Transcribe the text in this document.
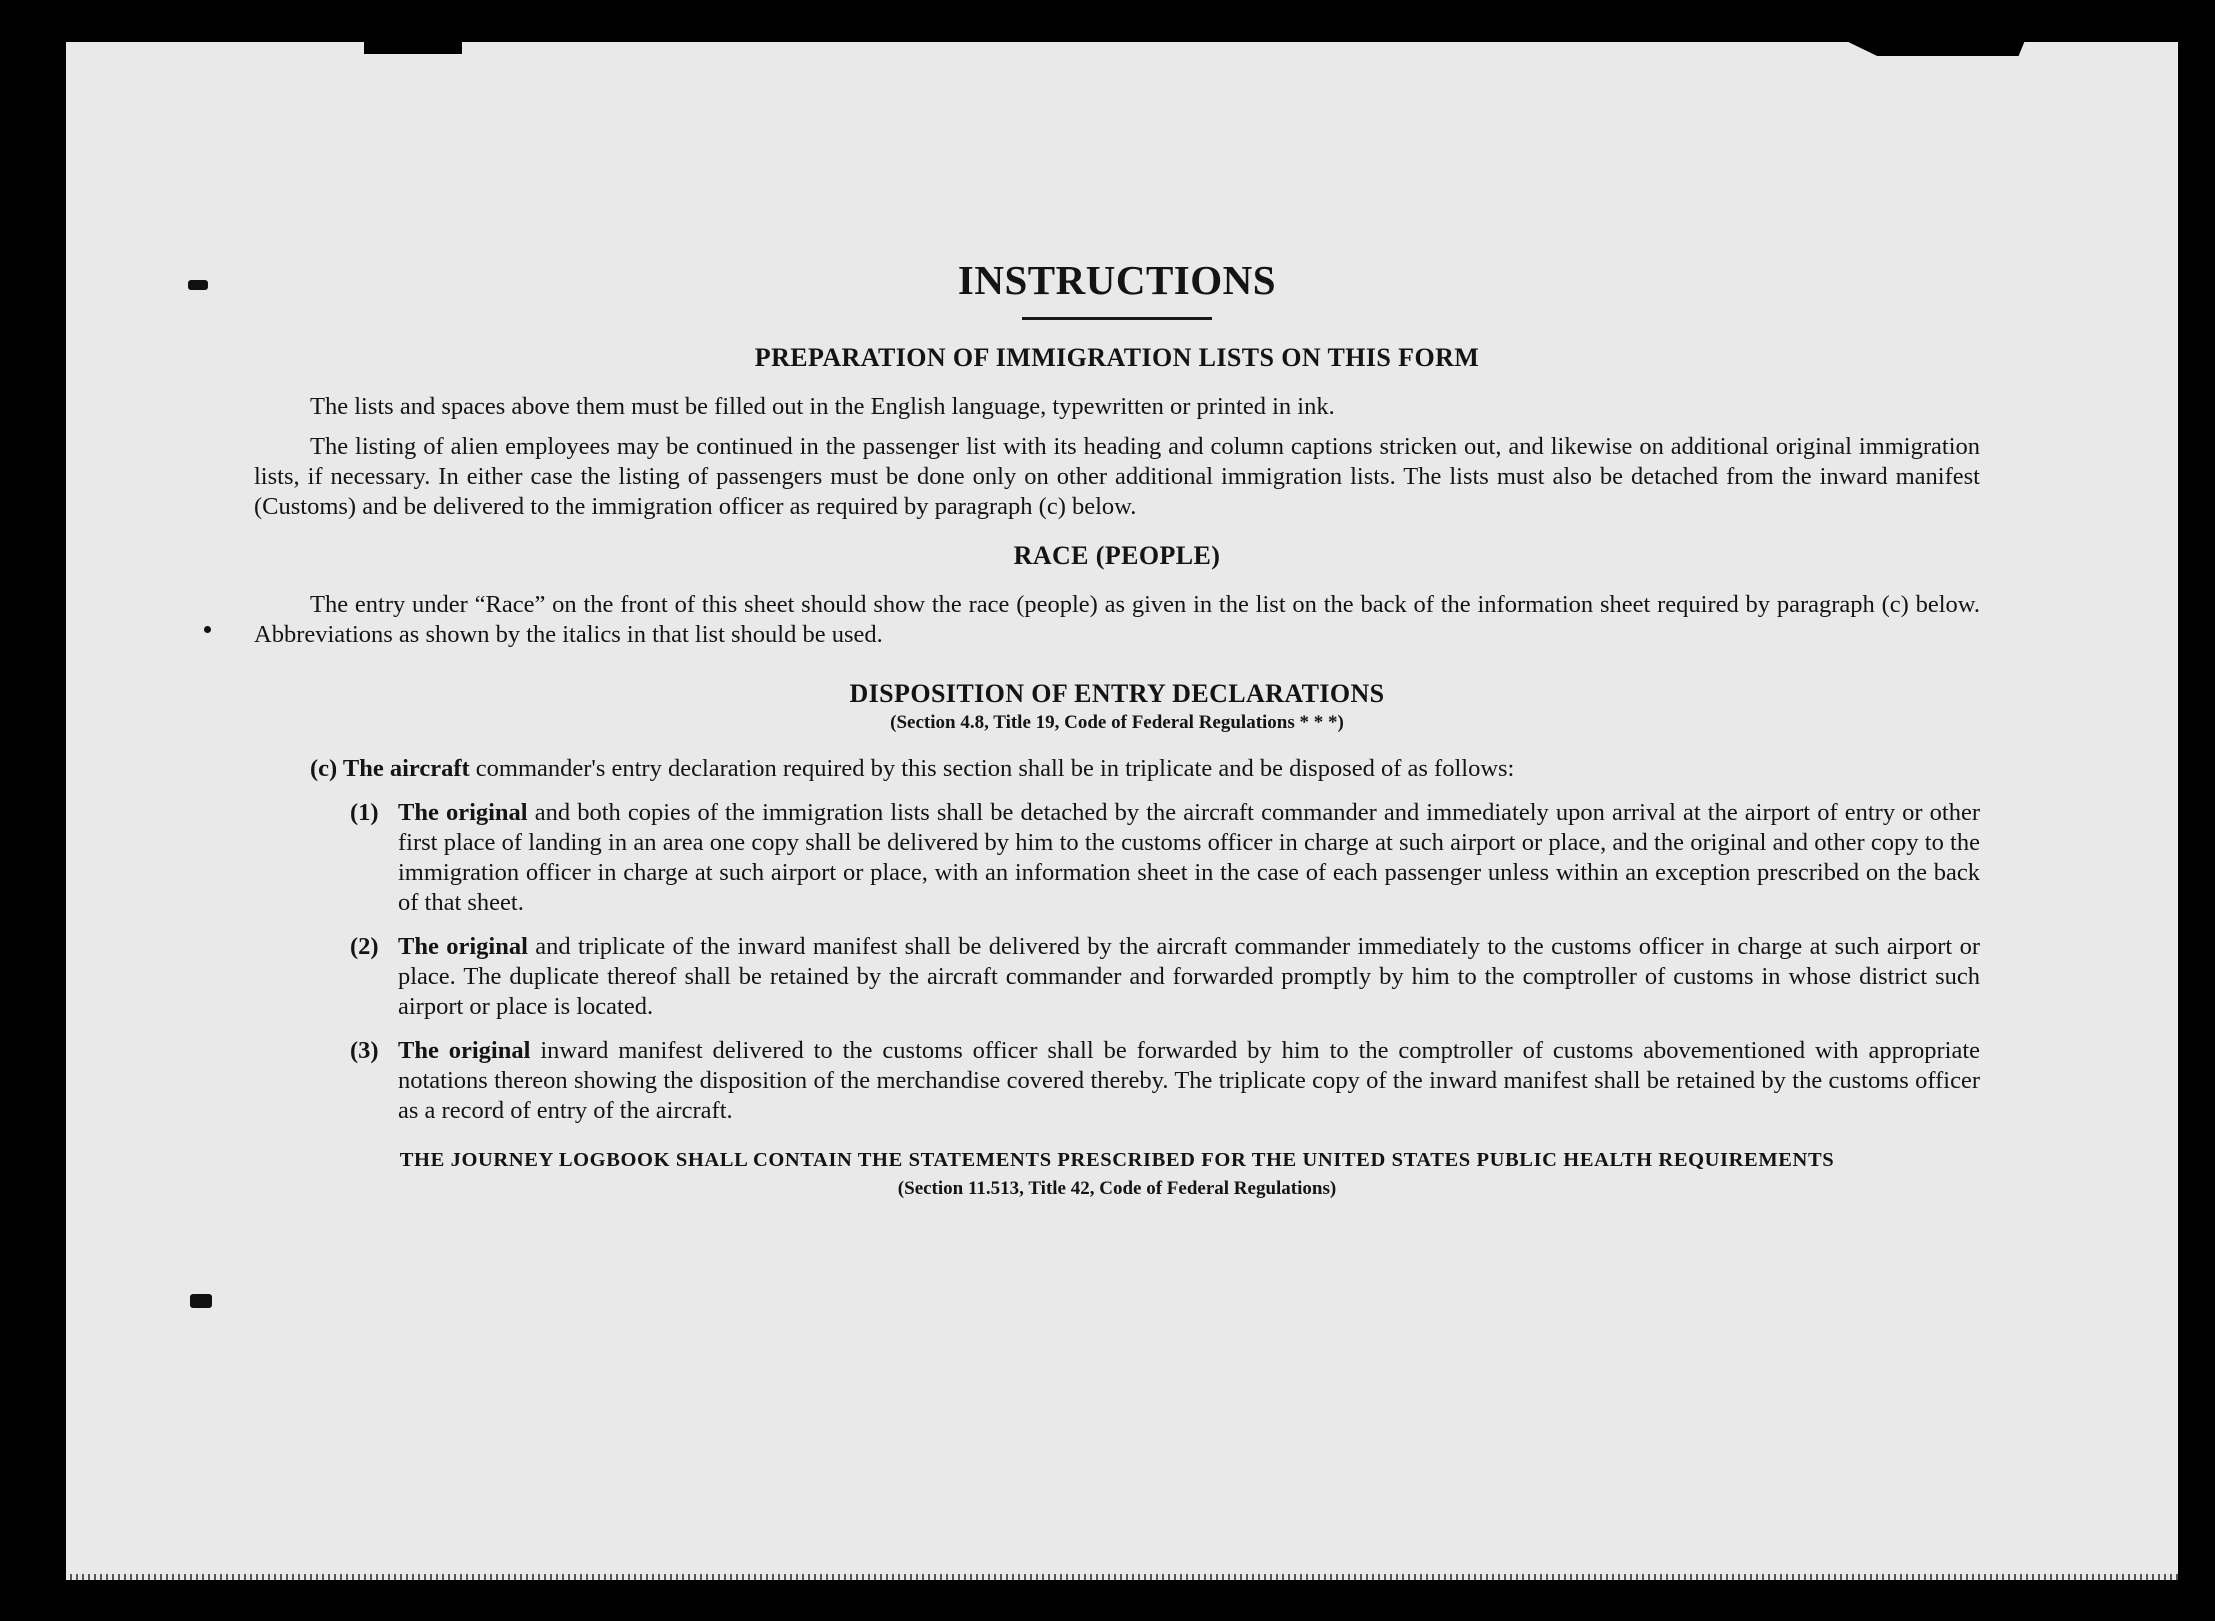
INSTRUCTIONS
PREPARATION OF IMMIGRATION LISTS ON THIS FORM

The lists and spaces above them must be filled out in the English language, typewritten or printed in ink.

The listing of alien employees may be continued in the passenger list with its heading and column captions stricken out, and likewise on additional original immigration lists, if necessary. In either case the listing of passengers must be done only on other additional immigration lists. The lists must also be detached from the inward manifest (Customs) and be delivered to the immigration officer as required by paragraph (c) below.

RACE (PEOPLE)

The entry under “Race” on the front of this sheet should show the race (people) as given in the list on the back of the information sheet required by paragraph (c) below. Abbreviations as shown by the italics in that list should be used.

DISPOSITION OF ENTRY DECLARATIONS
(Section 4.8, Title 19, Code of Federal Regulations * * *)

(c) The aircraft commander's entry declaration required by this section shall be in triplicate and be disposed of as follows:

(1) The original and both copies of the immigration lists shall be detached by the aircraft commander and immediately upon arrival at the airport of entry or other first place of landing in an area one copy shall be delivered by him to the customs officer in charge at such airport or place, and the original and other copy to the immigration officer in charge at such airport or place, with an information sheet in the case of each passenger unless within an exception prescribed on the back of that sheet.
(2) The original and triplicate of the inward manifest shall be delivered by the aircraft commander immediately to the customs officer in charge at such airport or place. The duplicate thereof shall be retained by the aircraft commander and forwarded promptly by him to the comptroller of customs in whose district such airport or place is located.
(3) The original inward manifest delivered to the customs officer shall be forwarded by him to the comptroller of customs abovementioned with appropriate notations thereon showing the disposition of the merchandise covered thereby. The triplicate copy of the inward manifest shall be retained by the customs officer as a record of entry of the aircraft.
THE JOURNEY LOGBOOK SHALL CONTAIN THE STATEMENTS PRESCRIBED FOR THE UNITED STATES PUBLIC HEALTH REQUIREMENTS
(Section 11.513, Title 42, Code of Federal Regulations)
